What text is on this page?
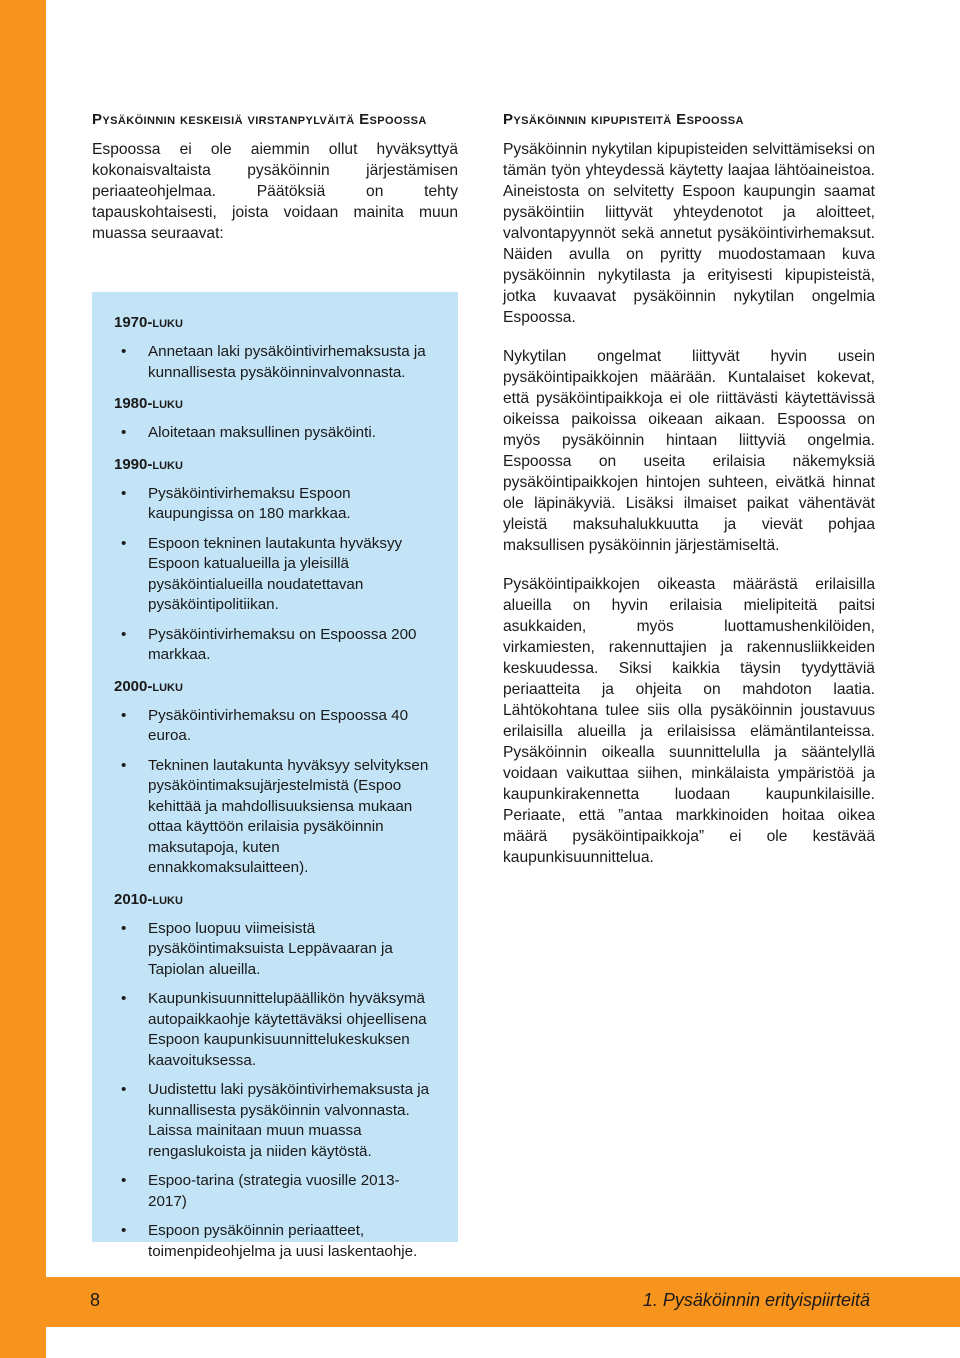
Pysäköinnin keskeisiä virstanpylväitä Espoossa

Espoossa ei ole aiemmin ollut hyväksyttyä kokonaisvaltaista pysäköinnin järjestämisen periaateohjelmaa. Päätöksiä on tehty tapauskohtaisesti, joista voidaan mainita muun muassa seuraavat:

1970-luku
• Annetaan laki pysäköintivirhemaksusta ja kunnallisesta pysäköinninvalvonnasta.
1980-luku
• Aloitetaan maksullinen pysäköinti.
1990-luku
• Pysäköintivirhemaksu Espoon kaupungissa on 180 markkaa.
• Espoon tekninen lautakunta hyväksyy Espoon katualueilla ja yleisillä pysäköintialueilla noudatettavan pysäköintipolitiikan.
• Pysäköintivirhemaksu on Espoossa 200 markkaa.
2000-luku
• Pysäköintivirhemaksu on Espoossa 40 euroa.
• Tekninen lautakunta hyväksyy selvityksen pysäköintimaksujärjestelmistä (Espoo kehittää ja mahdollisuuksiensa mukaan ottaa käyttöön erilaisia pysäköinnin maksutapoja, kuten ennakkomaksulaitteen).
2010-luku
• Espoo luopuu viimeisistä pysäköintimaksuista Leppävaaran ja Tapiolan alueilla.
• Kaupunkisuunnittelupäällikön hyväksymä autopaikkaohje käytettäväksi ohjeellisena Espoon kaupunkisuunnittelukeskuksen kaavoituksessa.
• Uudistettu laki pysäköintivirhemaksusta ja kunnallisesta pysäköinnin valvonnasta. Laissa mainitaan muun muassa rengaslukoista ja niiden käytöstä.
• Espoo-tarina (strategia vuosille 2013-2017)
• Espoon pysäköinnin periaatteet, toimenpideohjelma ja uusi laskentaohje.
Pysäköinnin kipupisteitä Espoossa

Pysäköinnin nykytilan kipupisteiden selvittämiseksi on tämän työn yhteydessä käytetty laajaa lähtöaineistoa. Aineistosta on selvitetty Espoon kaupungin saamat pysäköintiin liittyvät yhteydenotot ja aloitteet, valvontapyynnöt sekä annetut pysäköintivirhemaksut. Näiden avulla on pyritty muodostamaan kuva pysäköinnin nykytilasta ja erityisesti kipupisteistä, jotka kuvaavat pysäköinnin nykytilan ongelmia Espoossa.

Nykytilan ongelmat liittyvät hyvin usein pysäköintipaikkojen määrään. Kuntalaiset kokevat, että pysäköintipaikkoja ei ole riittävästi käytettävissä oikeissa paikoissa oikeaan aikaan. Espoossa on myös pysäköinnin hintaan liittyviä ongelmia. Espoossa on useita erilaisia näkemyksiä pysäköintipaikkojen hintojen suhteen, eivätkä hinnat ole läpinäkyviä. Lisäksi ilmaiset paikat vähentävät yleistä maksuhalukkuutta ja vievät pohjaa maksullisen pysäköinnin järjestämiseltä.

Pysäköintipaikkojen oikeasta määrästä erilaisilla alueilla on hyvin erilaisia mielipiteitä paitsi asukkaiden, myös luottamushenkilöiden, virkamiesten, rakennuttajien ja rakennusliikkeiden keskuudessa. Siksi kaikkia täysin tyydyttäviä periaatteita ja ohjeita on mahdoton laatia. Lähtökohtana tulee siis olla pysäköinnin joustavuus erilaisilla alueilla ja erilaisissa elämäntilanteissa. Pysäköinnin oikealla suunnittelulla ja sääntelyllä voidaan vaikuttaa siihen, minkälaista ympäristöä ja kaupunkirakennetta luodaan kaupunkilaisille. Periaate, että ”antaa markkinoiden hoitaa oikea määrä pysäköintipaikkoja” ei ole kestävää kaupunkisuunnittelua.

8	1. Pysäköinnin erityispiirteitä
